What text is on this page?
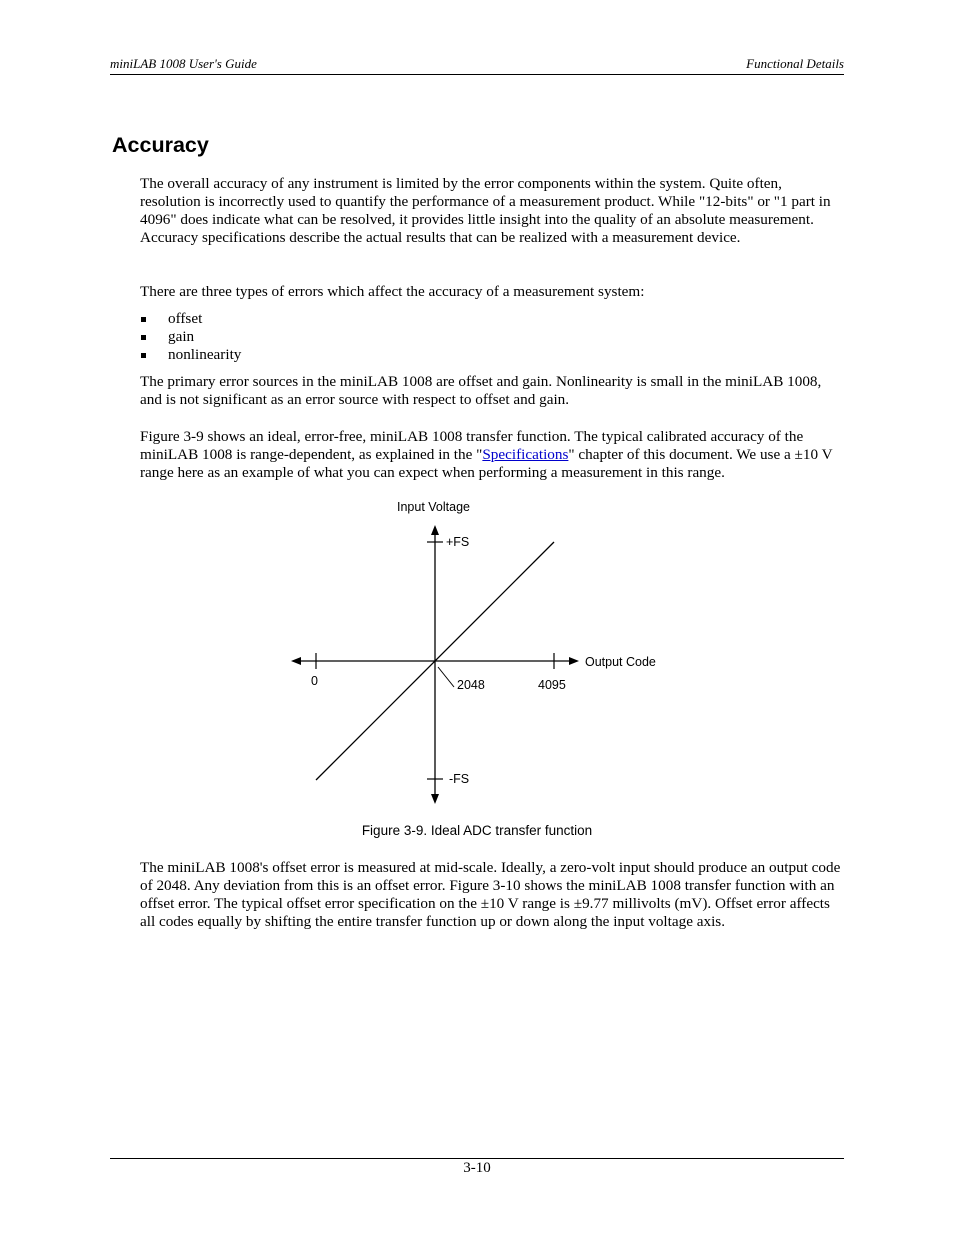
miniLAB 1008 User's Guide	Functional Details
Accuracy

The overall accuracy of any instrument is limited by the error components within the system. Quite often, resolution is incorrectly used to quantify the performance of a measurement product. While "12-bits" or "1 part in 4096" does indicate what can be resolved, it provides little insight into the quality of an absolute measurement. Accuracy specifications describe the actual results that can be realized with a measurement device.

There are three types of errors which affect the accuracy of a measurement system:

offset
gain
nonlinearity

The primary error sources in the miniLAB 1008 are offset and gain. Nonlinearity is small in the miniLAB 1008, and is not significant as an error source with respect to offset and gain.

Figure 3-9 shows an ideal, error-free, miniLAB 1008 transfer function. The typical calibrated accuracy of the miniLAB 1008 is range-dependent, as explained in the "Specifications" chapter of this document. We use a ±10 V range here as an example of what you can expect when performing a measurement in this range.

Input Voltage
+FS
Output Code
0	2048	4095
-FS
Figure 3-9. Ideal ADC transfer function

The miniLAB 1008's offset error is measured at mid-scale. Ideally, a zero-volt input should produce an output code of 2048. Any deviation from this is an offset error. Figure 3-10 shows the miniLAB 1008 transfer function with an offset error. The typical offset error specification on the ±10 V range is ±9.77 millivolts (mV). Offset error affects all codes equally by shifting the entire transfer function up or down along the input voltage axis.

3-10
